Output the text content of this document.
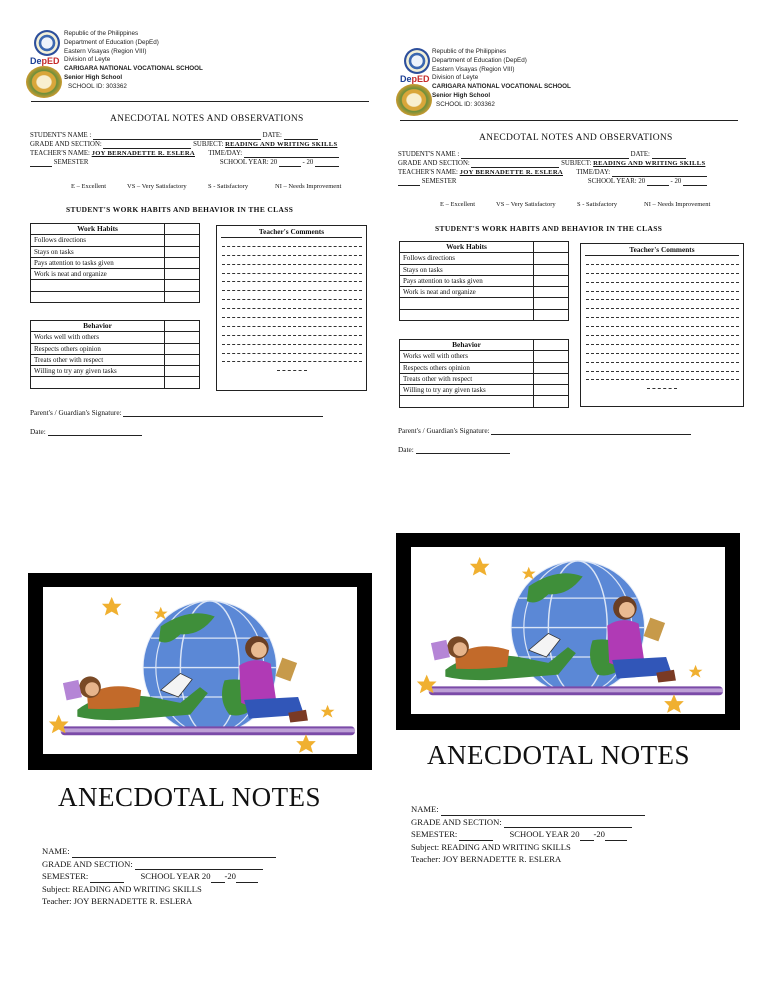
DepED
Republic of the Philippines
Department of Education (DepEd)
Eastern Visayas (Region VIII)
Division of Leyte
CARIGARA NATIONAL VOCATIONAL SCHOOL
Senior High School
SCHOOL ID: 303362
ANECDOTAL NOTES AND OBSERVATIONS
STUDENT'S NAME :	DATE:
GRADE AND SECTION:	SUBJECT: READING AND WRITING SKILLS
TEACHER'S NAME: JOY BERNADETTE R. ESLERA TIME/DAY:
SEMESTER	SCHOOL YEAR: 20	- 20
E – Excellent	VS – Very Satisfactory	S - Satisfactory	NI – Needs Improvement
STUDENT'S WORK HABITS AND BEHAVIOR IN THE CLASS
Work Habits	
Follows directions	
Stays on tasks	
Pays attention to tasks given	
Work is neat and organize	

Behavior	
Works well with others	
Respects others opinion	
Treats other with respect	
Willing to try any given tasks	

Teacher's Comments
Parent's / Guardian's Signature:
Date:
DepED
Republic of the Philippines
Department of Education (DepEd)
Eastern Visayas (Region VIII)
Division of Leyte
CARIGARA NATIONAL VOCATIONAL SCHOOL
Senior High School
SCHOOL ID: 303362
ANECDOTAL NOTES AND OBSERVATIONS
STUDENT'S NAME :	DATE:
GRADE AND SECTION:	SUBJECT: READING AND WRITING SKILLS
TEACHER'S NAME: JOY BERNADETTE R. ESLERA TIME/DAY:
SEMESTER	SCHOOL YEAR: 20	- 20
E – Excellent	VS – Very Satisfactory	S - Satisfactory	NI – Needs Improvement
STUDENT'S WORK HABITS AND BEHAVIOR IN THE CLASS
Work Habits	
Follows directions	
Stays on tasks	
Pays attention to tasks given	
Work is neat and organize	

Behavior	
Works well with others	
Respects others opinion	
Treats other with respect	
Willing to try any given tasks	

Teacher's Comments
Parent's / Guardian's Signature:
Date:
ANECDOTAL NOTES
NAME:
GRADE AND SECTION:
SEMESTER:	SCHOOL YEAR 20 -20
Subject: READING AND WRITING SKILLS
Teacher: JOY BERNADETTE R. ESLERA
ANECDOTAL NOTES
NAME:
GRADE AND SECTION:
SEMESTER:	SCHOOL YEAR 20 -20
Subject: READING AND WRITING SKILLS
Teacher: JOY BERNADETTE R. ESLERA
